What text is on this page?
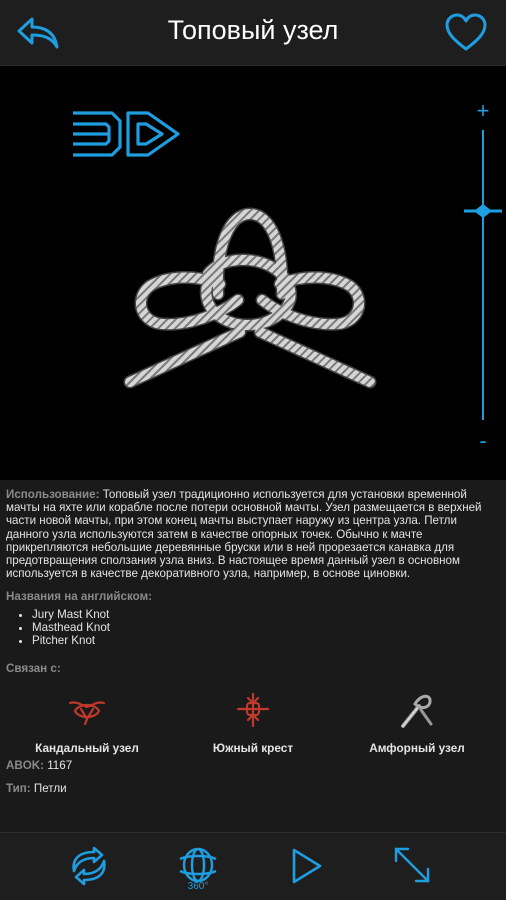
Топовый узел
+
-
Использование: Топовый узел традиционно используется для установки временной мачты на яхте или корабле после потери основной мачты. Узел размещается в верхней части новой мачты, при этом конец мачты выступает наружу из центра узла. Петли данного узла используются затем в качестве опорных точек. Обычно к мачте прикрепляются небольшие деревянные бруски или в ней прорезается канавка для предотвращения сползания узла вниз. В настоящее время данный узел в основном используется в качестве декоративного узла, например, в основе циновки.
Названия на английском:
• Jury Mast Knot
• Masthead Knot
• Pitcher Knot
Связан с:
Кандальный узел	Южный крест	Амфорный узел
ABOK: 1167
Тип: Петли
360°
